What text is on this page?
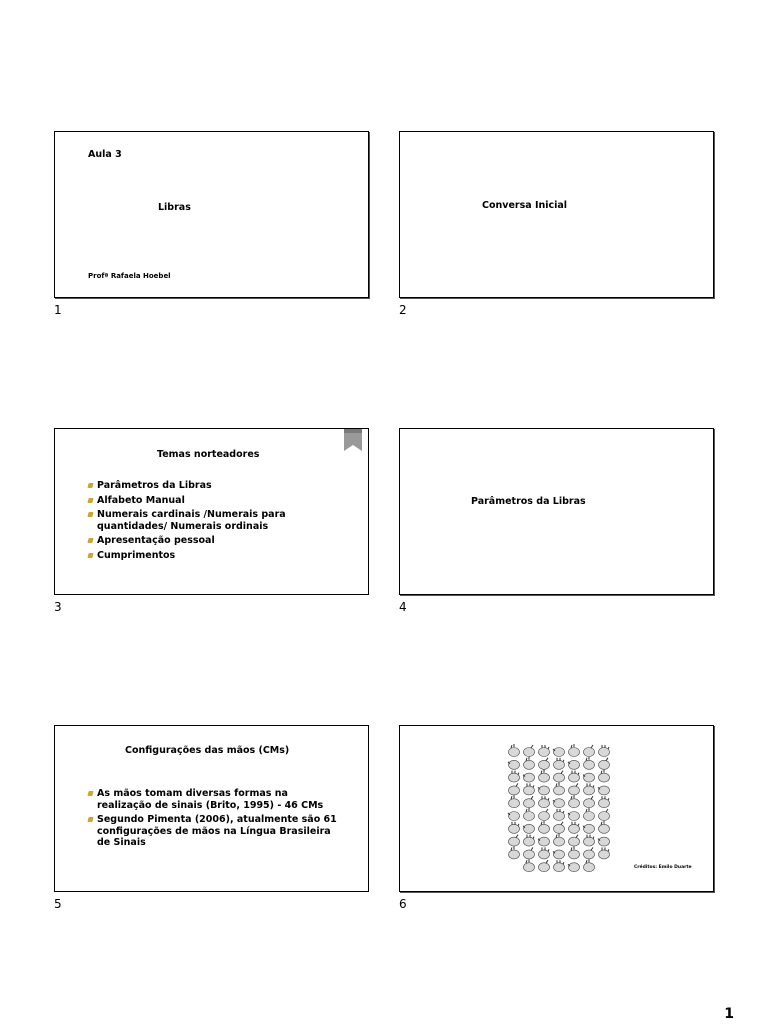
Aula 3
Libras
Profª Rafaela Hoebel
1
Conversa Inicial
2
Temas norteadores
Parâmetros da Libras
Alfabeto Manual
Numerais cardinais /Numerais para quantidades/ Numerais ordinais
Apresentação pessoal
Cumprimentos
3
Parâmetros da Libras
4
Configurações das mãos (CMs)
As mãos tomam diversas formas na realização de sinais (Brito, 1995) - 46 CMs
Segundo Pimenta (2006), atualmente são 61 configurações de mãos na Língua Brasileira de Sinais
5
Créditos: Emilo Duarte
6
1
